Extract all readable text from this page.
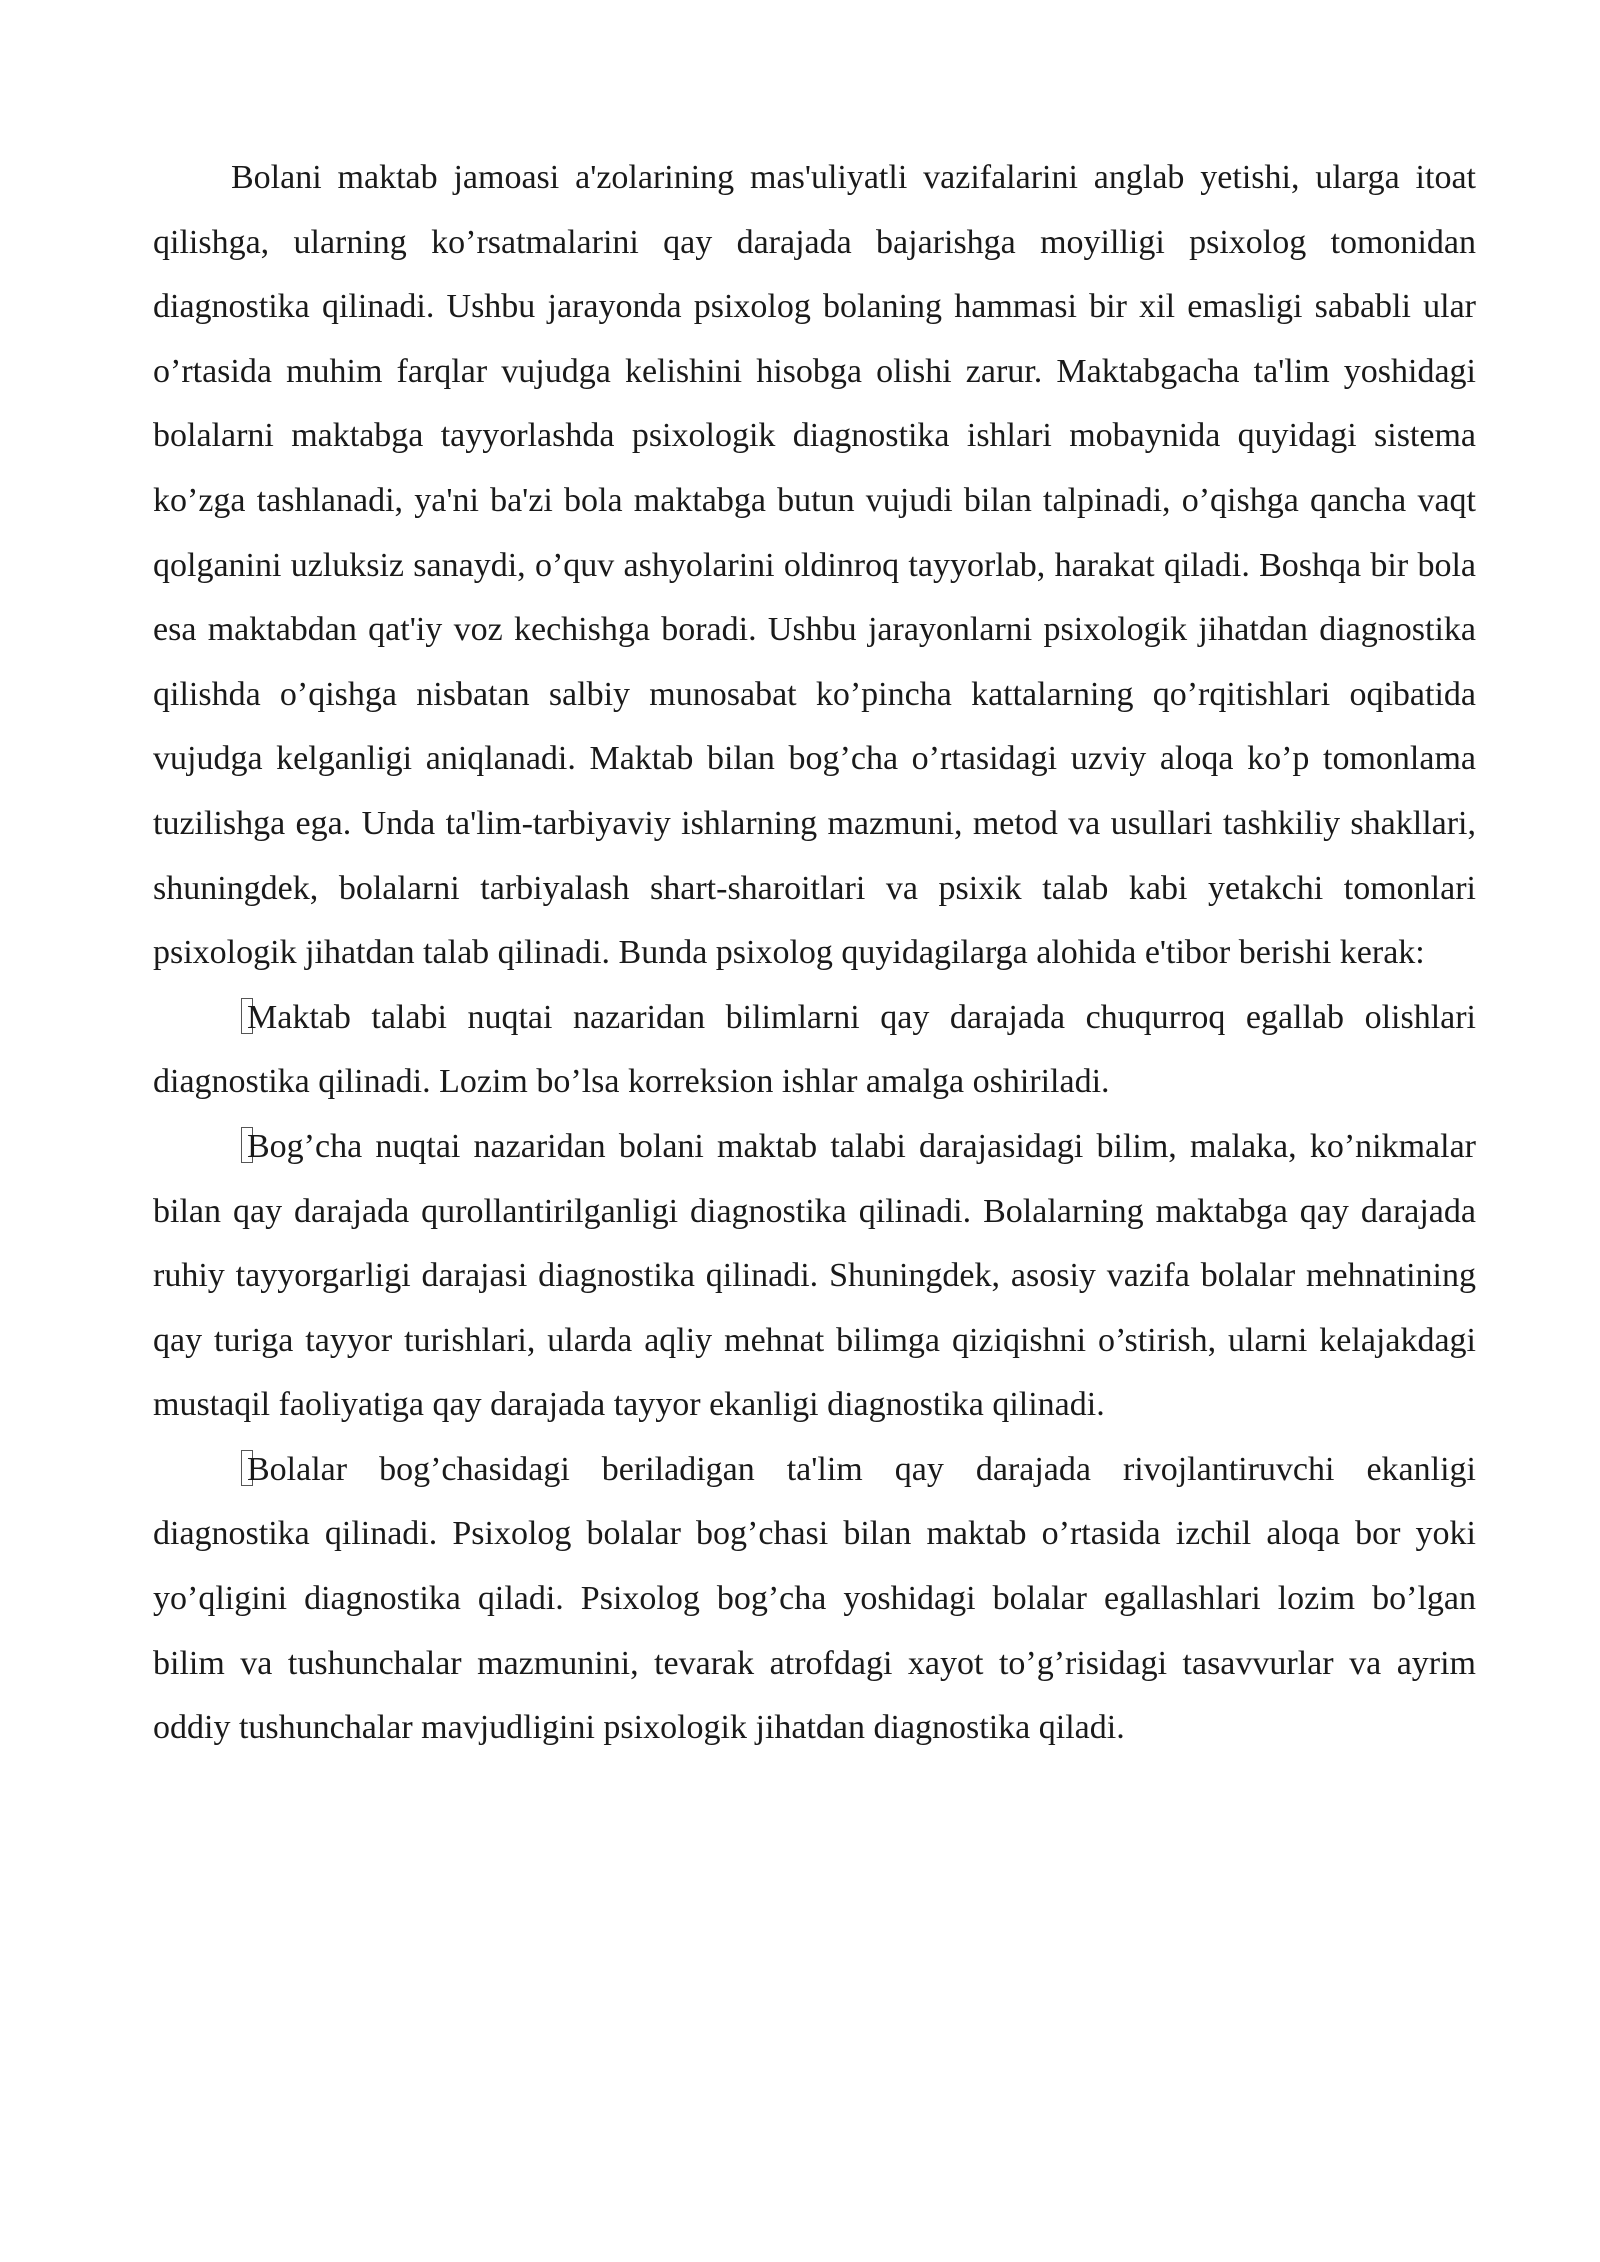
Bolani maktab jamoasi a'zolarining mas'uliyatli vazifalarini anglab yetishi, ularga itoat qilishga, ularning ko’rsatmalarini qay darajada bajarishga moyilligi psixolog tomonidan diagnostika qilinadi. Ushbu jarayonda psixolog bolaning hammasi bir xil emasligi sababli ular o’rtasida muhim farqlar vujudga kelishini hisobga olishi zarur. Maktabgacha ta'lim yoshidagi bolalarni maktabga tayyorlashda psixologik diagnostika ishlari mobaynida quyidagi sistema ko’zga tashlanadi, ya'ni ba'zi bola maktabga butun vujudi bilan talpinadi, o’qishga qancha vaqt qolganini uzluksiz sanaydi, o’quv ashyolarini oldinroq tayyorlab, harakat qiladi. Boshqa bir bola esa maktabdan qat'iy voz kechishga boradi. Ushbu jarayonlarni psixologik jihatdan diagnostika qilishda o’qishga nisbatan salbiy munosabat ko’pincha kattalarning qo’rqitishlari oqibatida vujudga kelganligi aniqlanadi. Maktab bilan bog’cha o’rtasidagi uzviy aloqa ko’p tomonlama tuzilishga ega. Unda ta'lim-tarbiyaviy ishlarning mazmuni, metod va usullari tashkiliy shakllari, shuningdek, bolalarni tarbiyalash shart-sharoitlari va psixik talab kabi yetakchi tomonlari psixologik jihatdan talab qilinadi. Bunda psixolog quyidagilarga alohida e'tibor berishi kerak:

Maktab talabi nuqtai nazaridan bilimlarni qay darajada chuqurroq egallab olishlari diagnostika qilinadi. Lozim bo’lsa korreksion ishlar amalga oshiriladi.

Bog’cha nuqtai nazaridan bolani maktab talabi darajasidagi bilim, malaka, ko’nikmalar bilan qay darajada qurollantirilganligi diagnostika qilinadi. Bolalarning maktabga qay darajada ruhiy tayyorgarligi darajasi diagnostika qilinadi. Shuningdek, asosiy vazifa bolalar mehnatining qay turiga tayyor turishlari, ularda aqliy mehnat bilimga qiziqishni o’stirish, ularni kelajakdagi mustaqil faoliyatiga qay darajada tayyor ekanligi diagnostika qilinadi.

Bolalar bog’chasidagi beriladigan ta'lim qay darajada rivojlantiruvchi ekanligi diagnostika qilinadi. Psixolog bolalar bog’chasi bilan maktab o’rtasida izchil aloqa bor yoki yo’qligini diagnostika qiladi. Psixolog bog’cha yoshidagi bolalar egallashlari lozim bo’lgan bilim va tushunchalar mazmunini, tevarak atrofdagi xayot to’g’risidagi tasavvurlar va ayrim oddiy tushunchalar mavjudligini psixologik jihatdan diagnostika qiladi.
